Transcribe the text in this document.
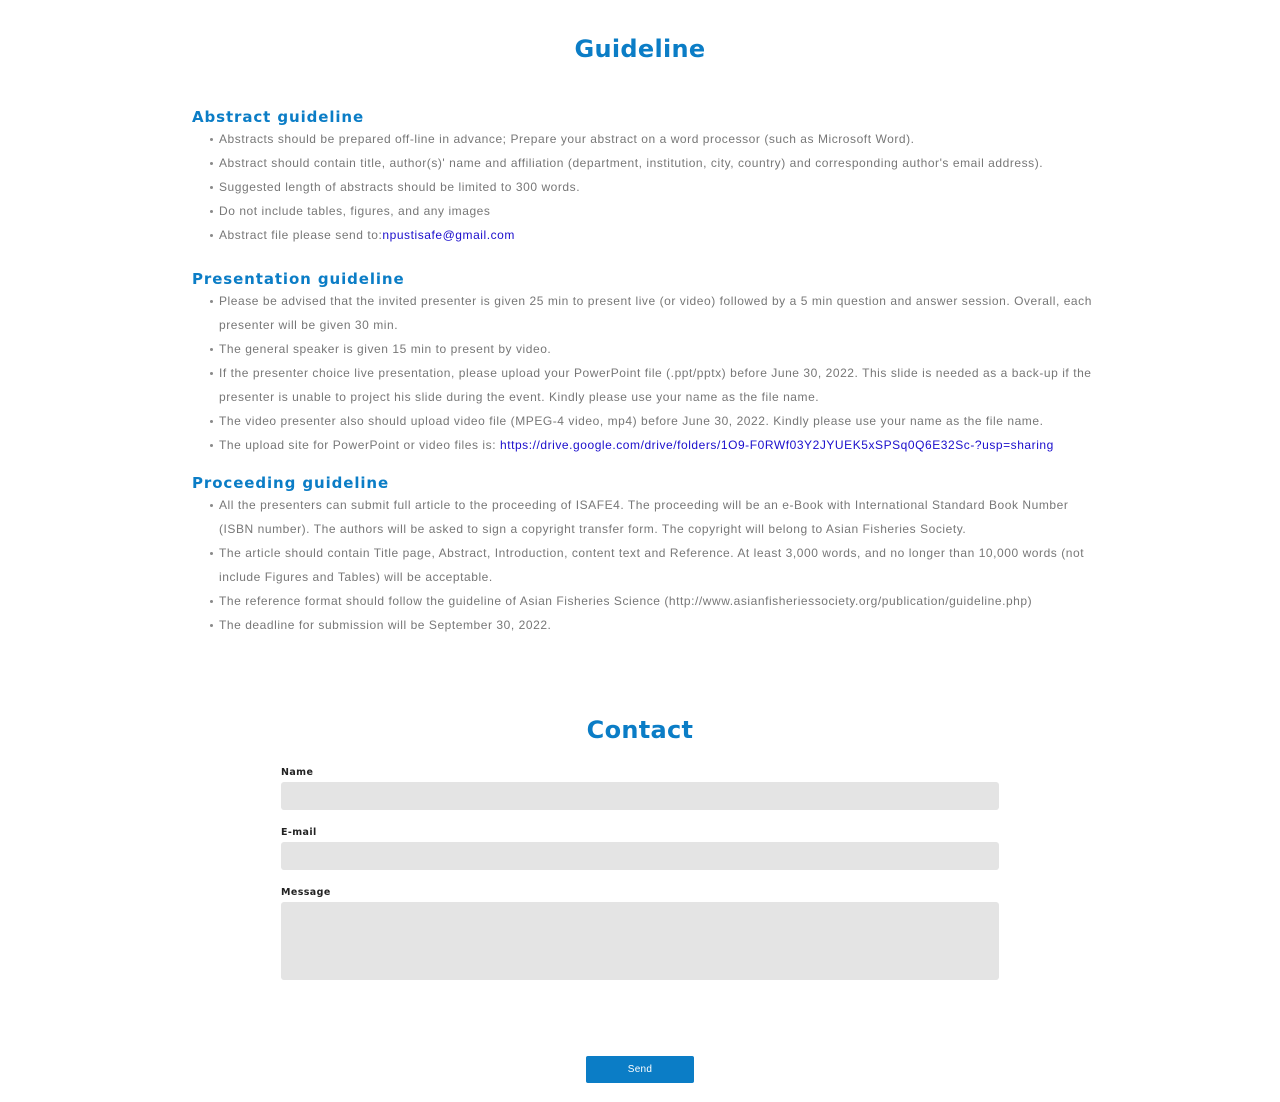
Guideline
Abstract guideline
Abstracts should be prepared off-line in advance; Prepare your abstract on a word processor (such as Microsoft Word).
Abstract should contain title, author(s)' name and affiliation (department, institution, city, country) and corresponding author's email address).
Suggested length of abstracts should be limited to 300 words.
Do not include tables, figures, and any images
Abstract file please send to:npustisafe@gmail.com
Presentation guideline
Please be advised that the invited presenter is given 25 min to present live (or video) followed by a 5 min question and answer session. Overall, each presenter will be given 30 min.
The general speaker is given 15 min to present by video.
If the presenter choice live presentation, please upload your PowerPoint file (.ppt/pptx) before June 30, 2022. This slide is needed as a back-up if the presenter is unable to project his slide during the event. Kindly please use your name as the file name.
The video presenter also should upload video file (MPEG-4 video, mp4) before June 30, 2022. Kindly please use your name as the file name.
The upload site for PowerPoint or video files is: https://drive.google.com/drive/folders/1O9-F0RWf03Y2JYUEK5xSPSq0Q6E32Sc-?usp=sharing
Proceeding guideline
All the presenters can submit full article to the proceeding of ISAFE4. The proceeding will be an e-Book with International Standard Book Number (ISBN number). The authors will be asked to sign a copyright transfer form. The copyright will belong to Asian Fisheries Society.
The article should contain Title page, Abstract, Introduction, content text and Reference. At least 3,000 words, and no longer than 10,000 words (not include Figures and Tables) will be acceptable.
The reference format should follow the guideline of Asian Fisheries Science (http://www.asianfisheriessociety.org/publication/guideline.php)
The deadline for submission will be September 30, 2022.
Contact
Name
E-mail
Message
Send
